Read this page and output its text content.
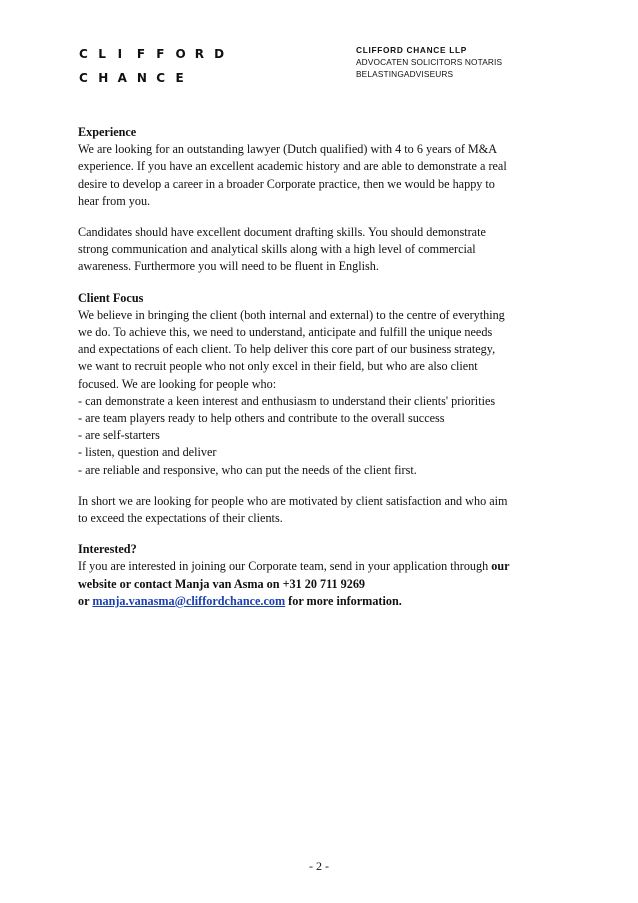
C L I F F O R D
C H A N C E
CLIFFORD CHANCE LLP
ADVOCATEN SOLICITORS NOTARIS
BELASTINGADVISEURS

Experience
We are looking for an outstanding lawyer (Dutch qualified) with 4 to 6 years of M&A
experience. If you have an excellent academic history and are able to demonstrate a real
desire to develop a career in a broader Corporate practice, then we would be happy to
hear from you.

Candidates should have excellent document drafting skills. You should demonstrate
strong communication and analytical skills along with a high level of commercial
awareness. Furthermore you will need to be fluent in English.

Client Focus
We believe in bringing the client (both internal and external) to the centre of everything
we do. To achieve this, we need to understand, anticipate and fulfill the unique needs
and expectations of each client. To help deliver this core part of our business strategy,
we want to recruit people who not only excel in their field, but who are also client
focused. We are looking for people who:
- can demonstrate a keen interest and enthusiasm to understand their clients' priorities
- are team players ready to help others and contribute to the overall success
- are self-starters
- listen, question and deliver
- are reliable and responsive, who can put the needs of the client first.

In short we are looking for people who are motivated by client satisfaction and who aim
to exceed the expectations of their clients.

Interested?
If you are interested in joining our Corporate team, send in your application through our
website or contact Manja van Asma on +31 20 711 9269
or manja.vanasma@cliffordchance.com for more information.

- 2 -
